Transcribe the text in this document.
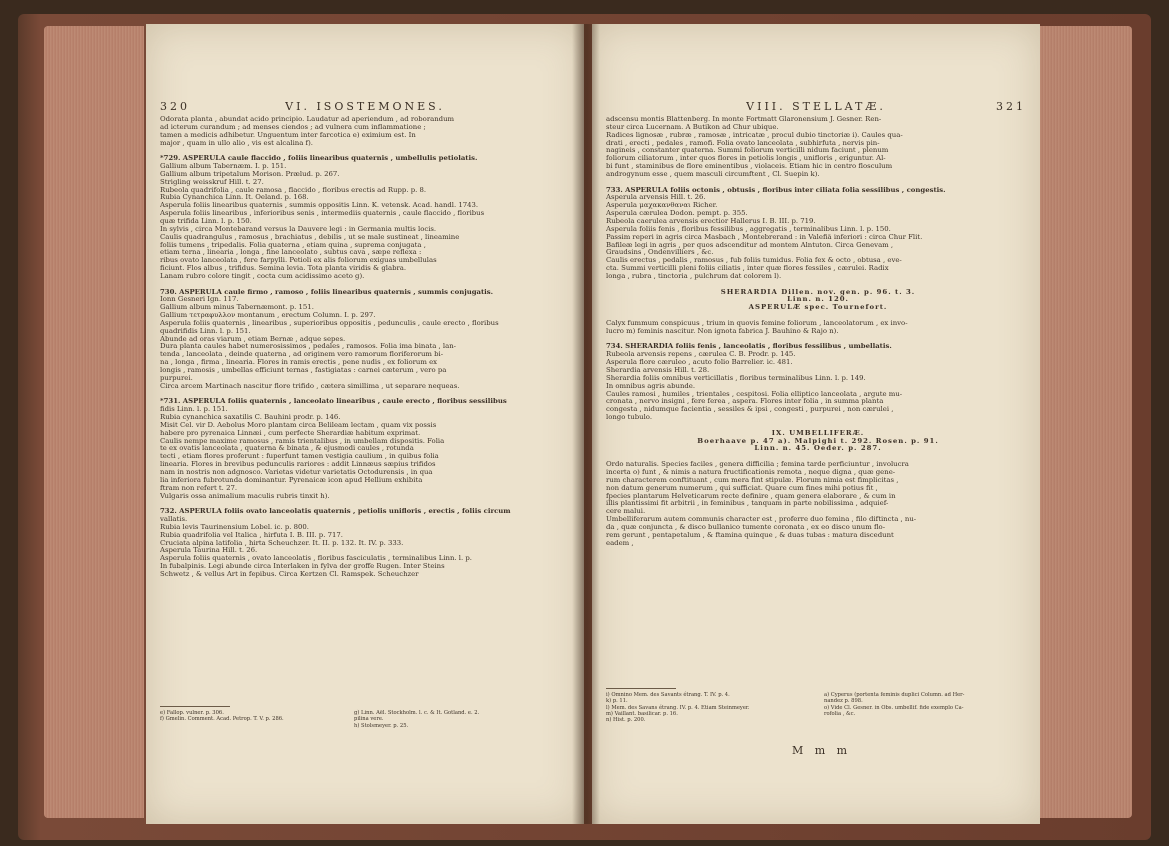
320	VI. ISOSTEMONES.
Odorata planta , abundat acido principio. Laudatur ad aperiendum , ad roborandum
ad icterum curandum ; ad menses ciendos ; ad vulnera cum inflammatione ;
tamen a medicis adhibetur. Unguentum inter farcotica e) eximium est. In
major , quam in ullo alio , vis est alcalina f).

*729. ASPERULA caule flaccido , foliis linearibus quaternis , umbellulis petiolatis.
Gallium album Tabernæm. I. p. 151.
Gallium album tripetalum Morison. Prælud. p. 267.
Strigling weisskruf Hill. t. 27.
Rubeola quadrifolia , caule ramosa , flaccido , floribus erectis ad Rupp. p. 8.
Rubia Cynanchica Linn. It. Oeland. p. 168.
Asperula foliis linearibus quaternis , summis oppositis Linn. K. vetensk. Acad. handl. 1743.
Asperula foliis linearibus , inferioribus senis , intermediis quaternis , caule flaccido , floribus
quæ trifida Linn. l. p. 150.
In sylvis , circa Montebarand versus la Dauvere legi : in Germania multis locis.
Caulis quadrangulus , ramosus , brachiatus , debilis , ut se male sustineat , lineamine
foliis tumens , tripedalis. Folia quaterna , etiam quina , suprema conjugata ,
etiam terna , linearia , longa , fine lanceolato , subtus cava , sæpe reflexa :
ribus ovato lanceolata , fere farpylli. Petioli ex alis foliorum exiguas umbellulas
ficiunt. Flos albus , trifidus. Semina levia. Tota planta viridis & glabra.
Lanam rubro colore tingit , cocta cum acidissimo aceto g).

730. ASPERULA caule firmo , ramoso , foliis linearibus quaternis , summis conjugatis.
Ionn Gesneri Ign. 117.
Gallium album minus Tabernæmont. p. 151.
Gallium τετραφυλλον montanum , erectum Column. I. p. 297.
Asperula foliis quaternis , linearibus , superioribus oppositis , pedunculis , caule erecto , floribus
quadrifidis Linn. l. p. 151.
Abunde ad oras viarum , etiam Bernæ , adque sepes.
Dura planta caules habet numerosissimos , pedales , ramosos. Folia ima binata , lan-
tenda , lanceolata , deinde quaterna , ad originem vero ramorum floriferorum bi-
na , longa , firma , linearia. Flores in ramis erectis , pene nudis , ex foliorum ex
longis , ramosis , umbellas efficiunt ternas , fastigiatas : carnei cæterum , vero pa
purpurei.
Circa arcem Martinach nascitur flore trifido , cætera simillima , ut separare nequeas.

*731. ASPERULA foliis quaternis , lanceolato linearibus , caule erecto , floribus sessilibus
fidis Linn. l. p. 151.
Rubia cynanchica saxatilis C. Bauhini prodr. p. 146.
Misit Cel. vir D. Aebolus Moro plantam circa Belileam lectam , quam vix possis
habere pro pyrenaica Linnæi , cum perfecte Sherardiæ habitum exprimat.
Caulis nempe maxime ramosus , ramis trientalibus , in umbellam dispositis. Folia
te ex ovatis lanceolata , quaterna & binata , & ejusmodi caules , rotunda
tecti , etiam flores proferunt : fuperfunt tamen vestigia caulium , in quibus folia
linearia. Flores in brevibus pedunculis rariores : addit Linnæus sæpius trifidos
nam in nostris non adgnosco. Varietas videtur varietatis Octodurensis , in qua
lia inferiora fubrotunda dominantur. Pyrenaicæ icon apud Hellium exhibita
ftram non refert t. 27.
Vulgaris ossa animalium maculis rubris tinxit h).

732. ASPERULA foliis ovato lanceolatis quaternis , petiolis unifloris , erectis , foliis circum
vallatis.
Rubia levis Taurinensium Lobel. ic. p. 800.
Rubia quadrifolia vel Italica , hirfuta I. B. III. p. 717.
Cruciata alpina latifolia , hirta Scheuchzer. It. II. p. 132. It. IV. p. 333.
Asperula Taurina Hill. t. 26.
Asperula foliis quaternis , ovato lanceolatis , floribus fasciculatis , terminalibus Linn. l. p.
In fubalpinis. Legi abunde circa Interlaken in fylva der groffe Rugen. Inter Steins
Schwetz , & vellus Art in fepibus. Circa Kertzen Cl. Ramspek. Scheuchzer
e) Fallop. vulner. p. 306.
f) Gmelin. Comment. Acad. Petrop. T. V. p. 286.
g) Linn. Aël. Stockholm. l. c. & It. Gotland. e. 2.
pilina vere.
h) Stolsmeyer. p. 25.
VIII. STELLATÆ.	321
adscensu montis Blattenberg. In monte Fortmatt Glaronensium J. Gesner. Ren-
steur circa Lucernam. A Butikon ad Chur ubique.
Radices lignosæ , rubræ , ramosæ , intricatæ , procul dubio tinctoriæ i). Caules qua-
drati , erecti , pedales , ramofi. Folia ovato lanceolata , subhirfuta , nervis pin-
nagineis , constanter quaterna. Summi foliorum verticilli nidum faciunt , plenum
foliorum ciliatorum , inter quos flores in petiolis longis , unifloris , eriguntur. Al-
bi funt , staminibus de flore eminentibus , violaceis. Etiam hic in centro flosculum
androgynum esse , quem masculi circumftent , Cl. Suepin k).

733. ASPERULA foliis octonis , obtusis , floribus inter ciliata folia sessilibus , congestis.
Asperula arvensis Hill. t. 26.
Asperula μαχακανθαναι Richer.
Asperula cærulea Dodon. pempt. p. 355.
Rubeola caerulea arvensis erectior Hallerus I. B. III. p. 719.
Asperula foliis fenis , floribus fessilibus , aggregatis , terminalibus Linn. l. p. 150.
Passim reperi in agris circa Masbach , Montebrerand : in Valefiâ inferiori : circa Chur Flit.
Bafileæ legi in agris , per quos adscenditur ad montem Alntuton. Circa Genevam ,
Graudsins , Ondenvilliers , &c.
Caulis erectus , pedalis , ramosus , fub foliis tumidus. Folia fex & octo , obtusa , eve-
cta. Summi verticilli pleni foliis ciliatis , inter quæ flores fessiles , cærulei. Radix
longa , rubra , tinctoria , pulchrum dat colorem l).

SHERARDIA Dillen. nov. gen. p. 96. t. 3.
Linn. n. 120.
ASPERULÆ spec. Tournefort.

Calyx fummum conspicuus , trium in quovis femine foliorum , lanceolatorum , ex invo-
lucro m) feminis nascitur. Non ignota fabrica J. Bauhino & Rajo n).

734. SHERARDIA foliis fenis , lanceolatis , floribus fessilibus , umbellatis.
Rubeola arvensis repens , cærulea C. B. Prodr. p. 145.
Asperula flore cæruleo , acuto folio Barrelier. ic. 481.
Sherardia arvensis Hill. t. 28.
Sherardia foliis omnibus verticillatis , floribus terminalibus Linn. l. p. 149.
In omnibus agris abunde.
Caules ramosi , humiles , trientales , cespitosi. Folia elliptico lanceolata , argute mu-
cronata , nervo insigni , fere ferea , aspera. Flores inter folia , in summa planta
congesta , nidumque facientia , sessiles & ipsi , congesti , purpurei , non cærulei ,
longo tubulo.

IX. UMBELLIFERÆ.
Boerhaave p. 47 a). Malpighi t. 292. Rosen. p. 91.
Linn. n. 45. Oeder. p. 287.

Ordo naturalis. Species faciles , genera difficilia ; femina tarde perficiuntur , involucra
incerta o) funt , & nimis a natura fructificationis remota , neque digna , quæ gene-
rum characterem conftituant , cum mera fint stipulæ. Florum nimia est fimplicitas ,
non datum generum numerum , qui sufficiat. Quare cum fines mihi potius fit ,
fpecies plantarum Helveticarum recte definire , quam genera elaborare , & cum in
illis plantissimi fit arbitrii , in feminibus , tanquam in parte nobilissima , adquief-
cere malui.
Umbelliferarum autem communis character est , proferre duo femina , filo diftincta , nu-
da , quæ conjuncta , & disco bullanico tumente coronata , ex eo disco unum flo-
rem gerunt , pentapetalum , & ftamina quinque , & duas tubas : matura discedunt
eadem ,
i) Omnino Mem. des Savants étrang. T. IV. p. 4.
k) p. 11.
l) Mem. des Savans étrang. IV. p. 4. Etiam Steinmeyer.
m) Vaillant. basilicar. p. 16.
n) Hist. p. 200.
a) Cyperus (portenta feminis duplici Column. ad Her-
nandez p. 898.
o) Vide Cl. Gesner. in Obs. umbellif. fide exemplo Ca-
rofolia , &c.
M m m
